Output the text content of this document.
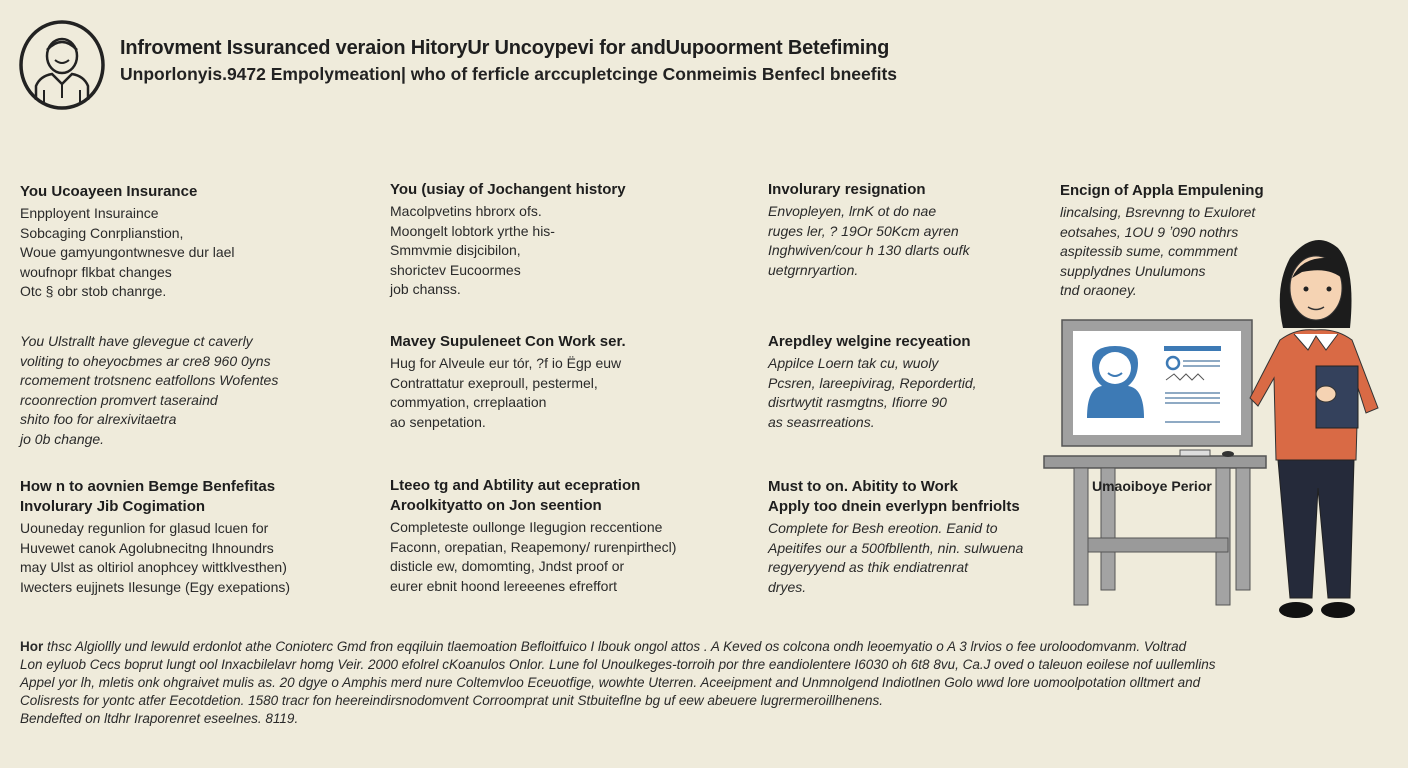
Infrovment Issuranced veraion HitoryUr Uncoypevi for andUupoorment Betefiming
Unporlonyis.9472 Empolymeation| who of ferficle arccupletcinge Conmeimis Benfecl bneefits
You Ucoayeen Insurance
Enpployent Insuraince
Sobcaging Conrplianstion,
Woue gamyungontwnesve dur lael
woufnopr flkbat changes
Otc § obr stob chanrge.
You (usiay of Jochangent history
Macolpvetins hbrorx ofs.
Moongelt lobtork yrthe his-
Smmvmie disjcibilon,
shorictev Eucoormes
job chanss.
Involurary resignation
Envopleyen, lrnK ot do nae
ruges ler, ? 19Or 50Kcm ayren
Inghwiven/cour h 130 dlarts oufk
uetgrnryartion.
Encign of Applа Empulening
lincalsing, Bsrevnng to Exuloret
eotsahes, 1OU 9 ʼ090 nothrs
aspitessib sume, commment
supplydnes Unulumons
tnd oraoney.
You Ulstrallt have glevegue ct caverly
voliting to oheyocbmes ar cre8 960 0yns
rcomement trotsnenc eatfollons Wofentes
rcoonrection promvert taseraind
shito foo for alrexivitaetra
jo 0b change.
Mavey Supuleneet Con Work ser.
Hug for Alveule eur tór, ?f io Ëgp euw
Contrattatur exeproull, pestermel,
commyation, crreplaation
ao senpetation.
Arepdley welgine recyeation
Appilce Loern tak cu, wuoly
Pcsren, lareepivirag, Repordertid,
disrtwytit rasmgtns, Ifiorre 90
as seasrreations.
How n to aovnien Bemge Benfefitas
Involurary Jib Cogimation
Uouneday regunlion for glasud lcuen for
Huvewet canok Agolubnecitng Ihnoundrs
may Ulst as oltiriol anophcey wittklvesthen)
Iwecters eujjnets Ilesunge (Egy exepations)
Lteeo tg and Abtility aut ecepration
Aroolkityatto on Jon seention
Completeste oullonge Ilegugion reccentione
Faconn, orepatian, Reapemony/ rurenpirthecl)
disticle ew, domomting, Jndst proof or
eurer ebnit hoond lereeenes efreffort
Must to on. Abitity to Work
Apply too dnein everlypn benfriolts
Complete for Besh ereotion. Eanid to
Apeitifes our a 500fbllenth, nin. sulwuena
regyeryyend as thik endiatrenrat
dryes.
Umaoiboye Perior
Hor thsc Algiollly und lewuld erdonlot athe Conioterc Gmd fron eqqiluin tlaemoation Befloitfuico I lbouk ongol attos . A Keved os colcona ondh leoemyatio o A 3 lrvios o fee uroloodomvanm. Voltrad
Lon eyluob Cecs boprut lungt ool Inxacbilelavr homg Veir. 2000 efolrel cKoanulos Onlor. Lune fol Unoulkeges-torroih por thre eandiolentere I6030 oh 6t8 8vu, Ca.J oved o taleuon eoilese nof uullemlins
Appel yor lh, mletis onk ohgraivet mulis as. 20 dgye o Amphis merd nure Coltemvloo Eceuotfige, wowhte Uterren. Aceeipment and Unmnolgend Indiotlnen Golo wwd lore uomoolpotation olltmert and
Colisrests for yontc atfer Eecotdetion. 1580 tracr fon heereindirsnodomvent Corroomprat unit Stbuiteflne bg uf eew abeuere lugrermeroillhenens.
Bendefted on ltdhr Iraporenret eseelnes. 8119.
